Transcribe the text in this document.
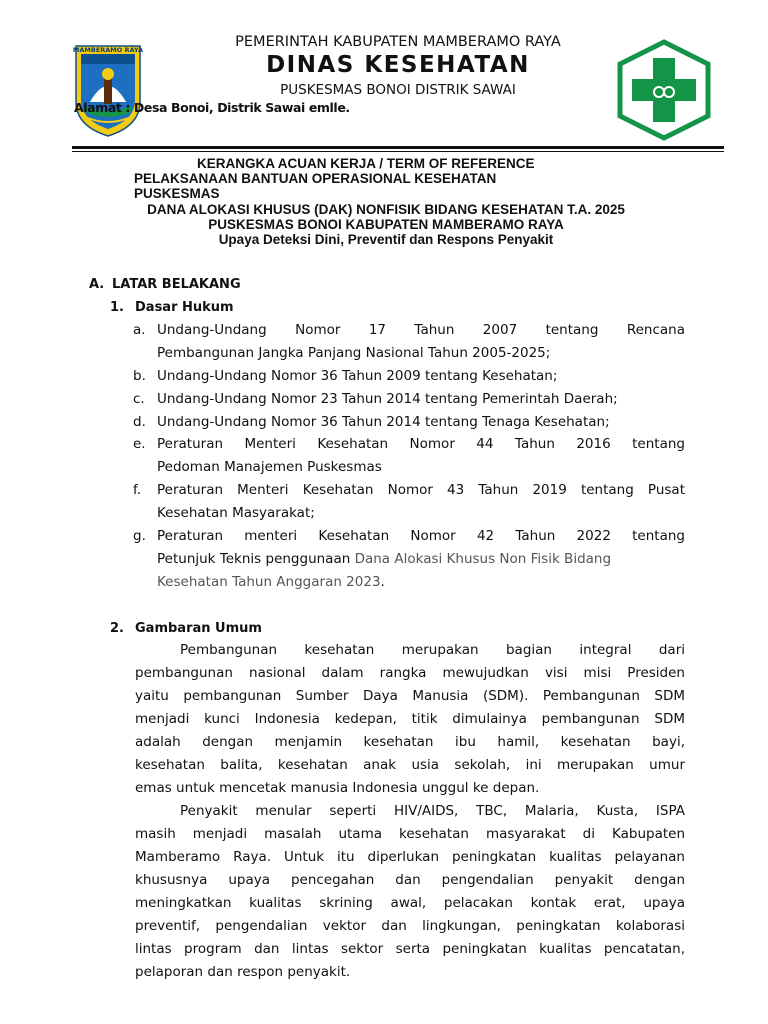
MAMBERAMO RAYA	PEMERINTAH KABUPATEN MAMBERAMO RAYA
DINAS KESEHATAN
PUSKESMAS BONOI DISTRIK SAWAI
Alamat : Desa Bonoi, Distrik Sawai emlle.
KERANGKA ACUAN KERJA / TERM OF REFERENCE
PELAKSANAAN BANTUAN OPERASIONAL KESEHATAN
PUSKESMAS
DANA ALOKASI KHUSUS (DAK) NONFISIK BIDANG KESEHATAN T.A. 2025
PUSKESMAS BONOI KABUPATEN MAMBERAMO RAYA
Upaya Deteksi Dini, Preventif dan Respons Penyakit
A. LATAR BELAKANG
1. Dasar Hukum
a. Undang-Undang Nomor 17 Tahun 2007 tentang Rencana
Pembangunan Jangka Panjang Nasional Tahun 2005-2025;
b. Undang-Undang Nomor 36 Tahun 2009 tentang Kesehatan;
c. Undang-Undang Nomor 23 Tahun 2014 tentang Pemerintah Daerah;
d. Undang-Undang Nomor 36 Tahun 2014 tentang Tenaga Kesehatan;
e. Peraturan Menteri Kesehatan Nomor 44 Tahun 2016 tentang
Pedoman Manajemen Puskesmas
f. Peraturan Menteri Kesehatan Nomor 43 Tahun 2019 tentang Pusat
Kesehatan Masyarakat;
g. Peraturan menteri Kesehatan Nomor 42 Tahun 2022 tentang
Petunjuk Teknis penggunaan Dana Alokasi Khusus Non Fisik Bidang
Kesehatan Tahun Anggaran 2023.
2. Gambaran Umum
Pembangunan kesehatan merupakan bagian integral dari
pembangunan nasional dalam rangka mewujudkan visi misi Presiden
yaitu pembangunan Sumber Daya Manusia (SDM). Pembangunan SDM
menjadi kunci Indonesia kedepan, titik dimulainya pembangunan SDM
adalah dengan menjamin kesehatan ibu hamil, kesehatan bayi,
kesehatan balita, kesehatan anak usia sekolah, ini merupakan umur
emas untuk mencetak manusia Indonesia unggul ke depan.
Penyakit menular seperti HIV/AIDS, TBC, Malaria, Kusta, ISPA
masih menjadi masalah utama kesehatan masyarakat di Kabupaten
Mamberamo Raya. Untuk itu diperlukan peningkatan kualitas pelayanan
khususnya upaya pencegahan dan pengendalian penyakit dengan
meningkatkan kualitas skrining awal, pelacakan kontak erat, upaya
preventif, pengendalian vektor dan lingkungan, peningkatan kolaborasi
lintas program dan lintas sektor serta peningkatan kualitas pencatatan,
pelaporan dan respon penyakit.
